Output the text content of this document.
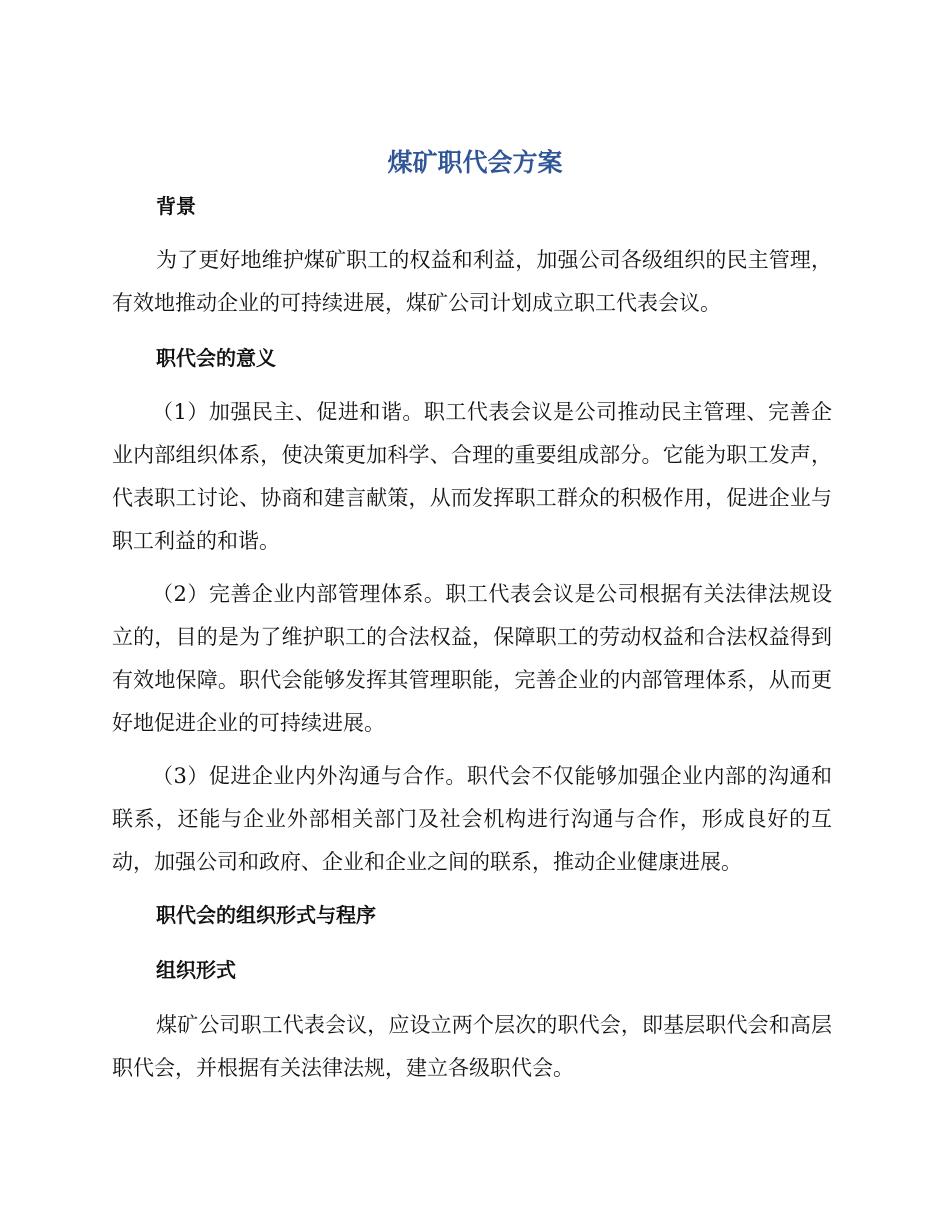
煤矿职代会方案
背景

为了更好地维护煤矿职工的权益和利益，加强公司各级组织的民主管理，有效地推动企业的可持续进展，煤矿公司计划成立职工代表会议。

职代会的意义

（1）加强民主、促进和谐。职工代表会议是公司推动民主管理、完善企业内部组织体系，使决策更加科学、合理的重要组成部分。它能为职工发声，代表职工讨论、协商和建言献策，从而发挥职工群众的积极作用，促进企业与职工利益的和谐。

（2）完善企业内部管理体系。职工代表会议是公司根据有关法律法规设立的，目的是为了维护职工的合法权益，保障职工的劳动权益和合法权益得到有效地保障。职代会能够发挥其管理职能，完善企业的内部管理体系，从而更好地促进企业的可持续进展。

（3）促进企业内外沟通与合作。职代会不仅能够加强企业内部的沟通和联系，还能与企业外部相关部门及社会机构进行沟通与合作，形成良好的互动，加强公司和政府、企业和企业之间的联系，推动企业健康进展。

职代会的组织形式与程序
组织形式

煤矿公司职工代表会议，应设立两个层次的职代会，即基层职代会和高层职代会，并根据有关法律法规，建立各级职代会。
